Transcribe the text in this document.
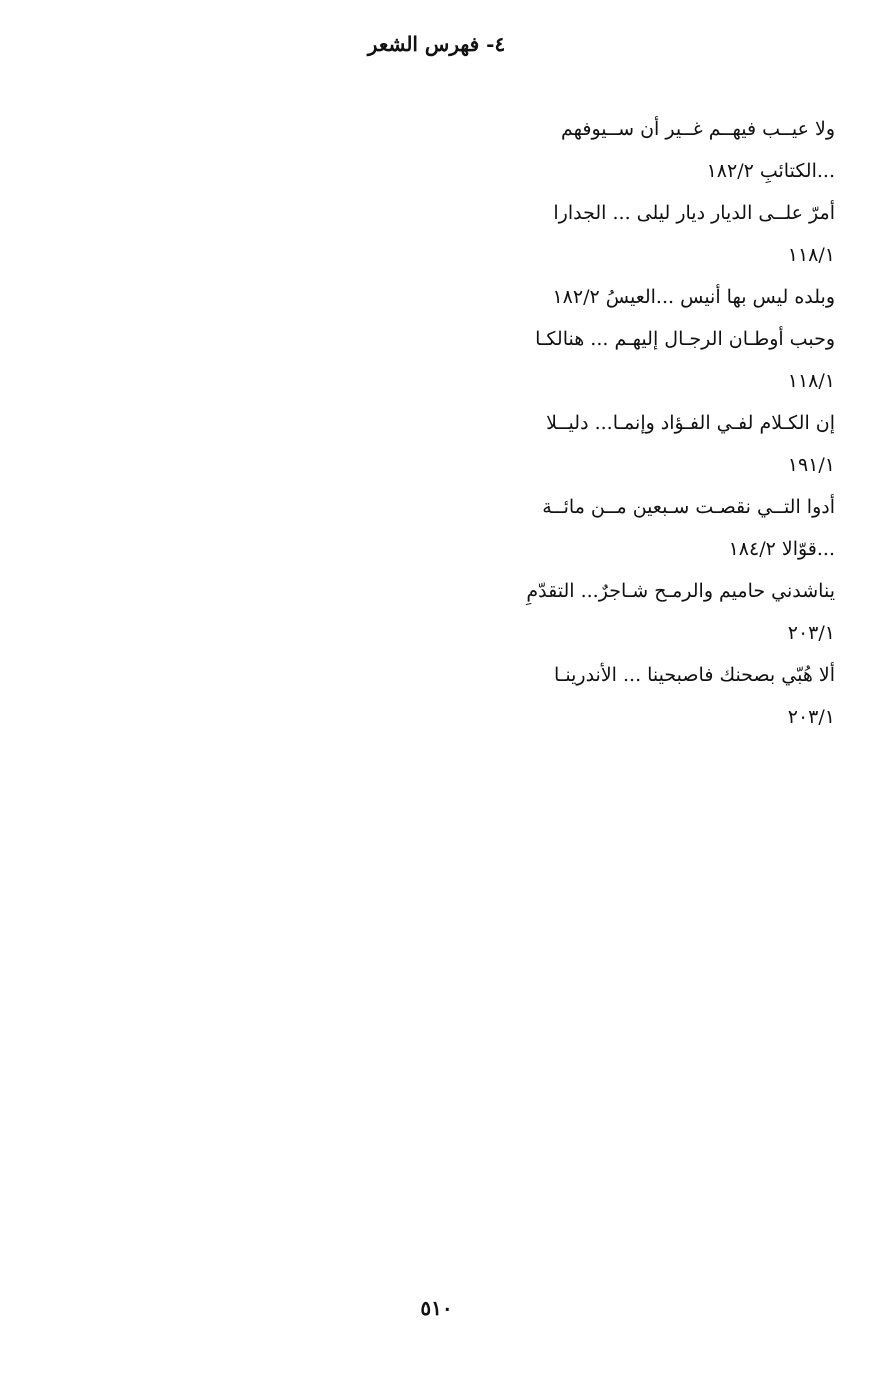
٤- فهرس الشعر
ولا عيــب فيهــم غــير أن ســيوفهم
...الكتائبِ ١٨٢/٢
أمرّ علــى الديار ديار ليلى ... الجدارا
١١٨/١
وبلده ليس بها أنيس ...العيسُ ١٨٢/٢
وحبب أوطـان الرجـال إليهـم ... هنالكـا
١١٨/١
إن الكـلام لفـي الفـؤاد وإنمـا... دليــلا
١٩١/١
أدوا التــي نقصـت سـبعين مــن مائــة
...قوّالا ١٨٤/٢
يناشدني حاميم والرمـح شـاجرٌ... التقدّمِ
٢٠٣/١
ألا هُبّي بصحنك فاصبحينا ... الأندرينـا
٢٠٣/١
٥١٠
